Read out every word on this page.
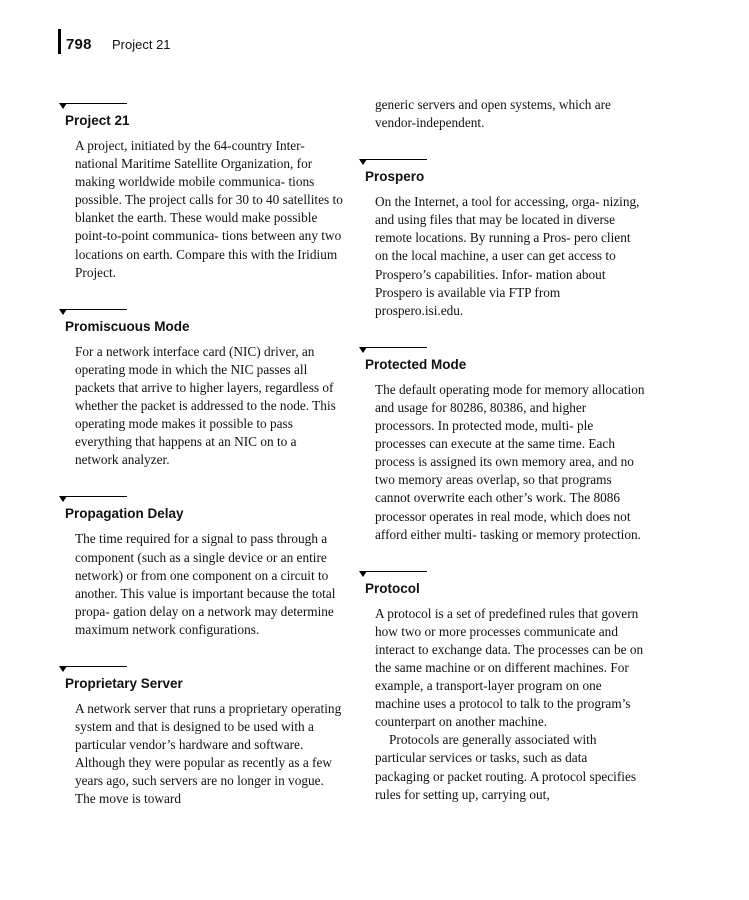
798 Project 21
Project 21

A project, initiated by the 64-country Inter- national Maritime Satellite Organization, for making worldwide mobile communica- tions possible. The project calls for 30 to 40 satellites to blanket the earth. These would make possible point-to-point communica- tions between any two locations on earth. Compare this with the Iridium Project.

Promiscuous Mode

For a network interface card (NIC) driver, an operating mode in which the NIC passes all packets that arrive to higher layers, regardless of whether the packet is addressed to the node. This operating mode makes it possible to pass everything that happens at an NIC on to a network analyzer.

Propagation Delay

The time required for a signal to pass through a component (such as a single device or an entire network) or from one component on a circuit to another. This value is important because the total propa- gation delay on a network may determine maximum network configurations.

Proprietary Server

A network server that runs a proprietary operating system and that is designed to be used with a particular vendor’s hardware and software. Although they were popular as recently as a few years ago, such servers are no longer in vogue. The move is toward

generic servers and open systems, which are vendor-independent.

Prospero

On the Internet, a tool for accessing, orga- nizing, and using files that may be located in diverse remote locations. By running a Pros- pero client on the local machine, a user can get access to Prospero’s capabilities. Infor- mation about Prospero is available via FTP from prospero.isi.edu.

Protected Mode

The default operating mode for memory allocation and usage for 80286, 80386, and higher processors. In protected mode, multi- ple processes can execute at the same time. Each process is assigned its own memory area, and no two memory areas overlap, so that programs cannot overwrite each other’s work. The 8086 processor operates in real mode, which does not afford either multi- tasking or memory protection.

Protocol

A protocol is a set of predefined rules that govern how two or more processes communicate and interact to exchange data. The processes can be on the same machine or on different machines. For example, a transport-layer program on one machine uses a protocol to talk to the program’s counterpart on another machine.

Protocols are generally associated with particular services or tasks, such as data packaging or packet routing. A protocol specifies rules for setting up, carrying out,
